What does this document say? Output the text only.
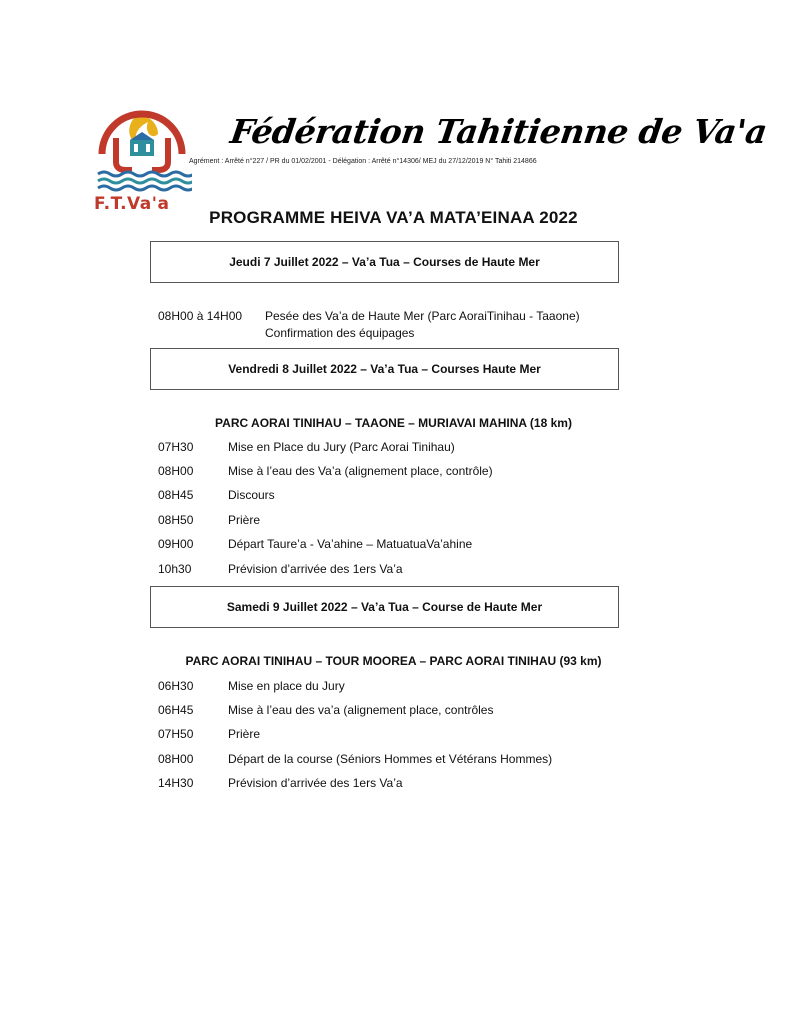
F.T.Va'a
Fédération Tahitienne de Va'a
Agrément : Arrêté n°227 / PR du 01/02/2001 - Délégation : Arrêté n°14306/ MEJ du 27/12/2019 N° Tahiti 214866
PROGRAMME HEIVA VA’A MATA’EINAA 2022
Jeudi 7 Juillet 2022 – Va’a Tua – Courses de Haute Mer
08H00 à 14H00 Pesée des Va’a de Haute Mer (Parc AoraiTinihau - Taaone)
Confirmation des équipages
Vendredi 8 Juillet 2022 – Va’a Tua – Courses Haute Mer
PARC AORAI TINIHAU – TAAONE – MURIAVAI MAHINA (18 km)
07H30	Mise en Place du Jury (Parc Aorai Tinihau)
08H00	Mise à l’eau des Va’a (alignement place, contrôle)
08H45	Discours
08H50	Prière
09H00	Départ Taure’a - Va’ahine – MatuatuaVa’ahine
10h30	Prévision d’arrivée des 1ers Va’a
Samedi 9 Juillet 2022 – Va’a Tua – Course de Haute Mer
PARC AORAI TINIHAU – TOUR MOOREA – PARC AORAI TINIHAU (93 km)
06H30	Mise en place du Jury
06H45	Mise à l’eau des va’a (alignement place, contrôles
07H50	Prière
08H00	Départ de la course (Séniors Hommes et Vétérans Hommes)
14H30	Prévision d’arrivée des 1ers Va’a
